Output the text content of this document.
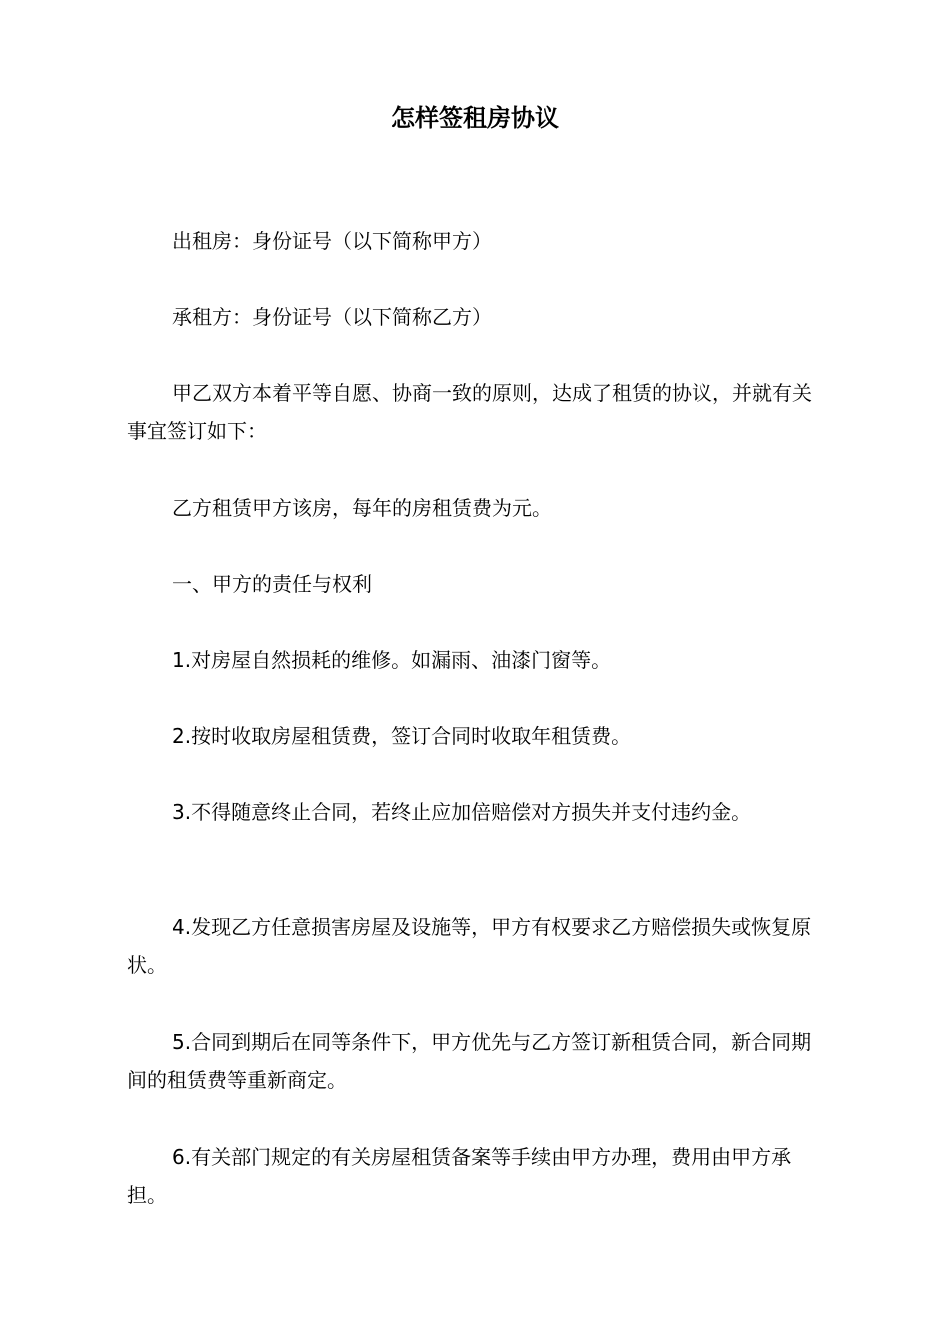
怎样签租房协议

出租房：身份证号（以下简称甲方）

承租方：身份证号（以下简称乙方）

甲乙双方本着平等自愿、协商一致的原则，达成了租赁的协议，并就有关事宜签订如下：

乙方租赁甲方该房，每年的房租赁费为元。

一、甲方的责任与权利

1.对房屋自然损耗的维修。如漏雨、油漆门窗等。

2.按时收取房屋租赁费，签订合同时收取年租赁费。

3.不得随意终止合同，若终止应加倍赔偿对方损失并支付违约金。

4.发现乙方任意损害房屋及设施等，甲方有权要求乙方赔偿损失或恢复原状。

5.合同到期后在同等条件下，甲方优先与乙方签订新租赁合同，新合同期间的租赁费等重新商定。

6.有关部门规定的有关房屋租赁备案等手续由甲方办理，费用由甲方承担。
